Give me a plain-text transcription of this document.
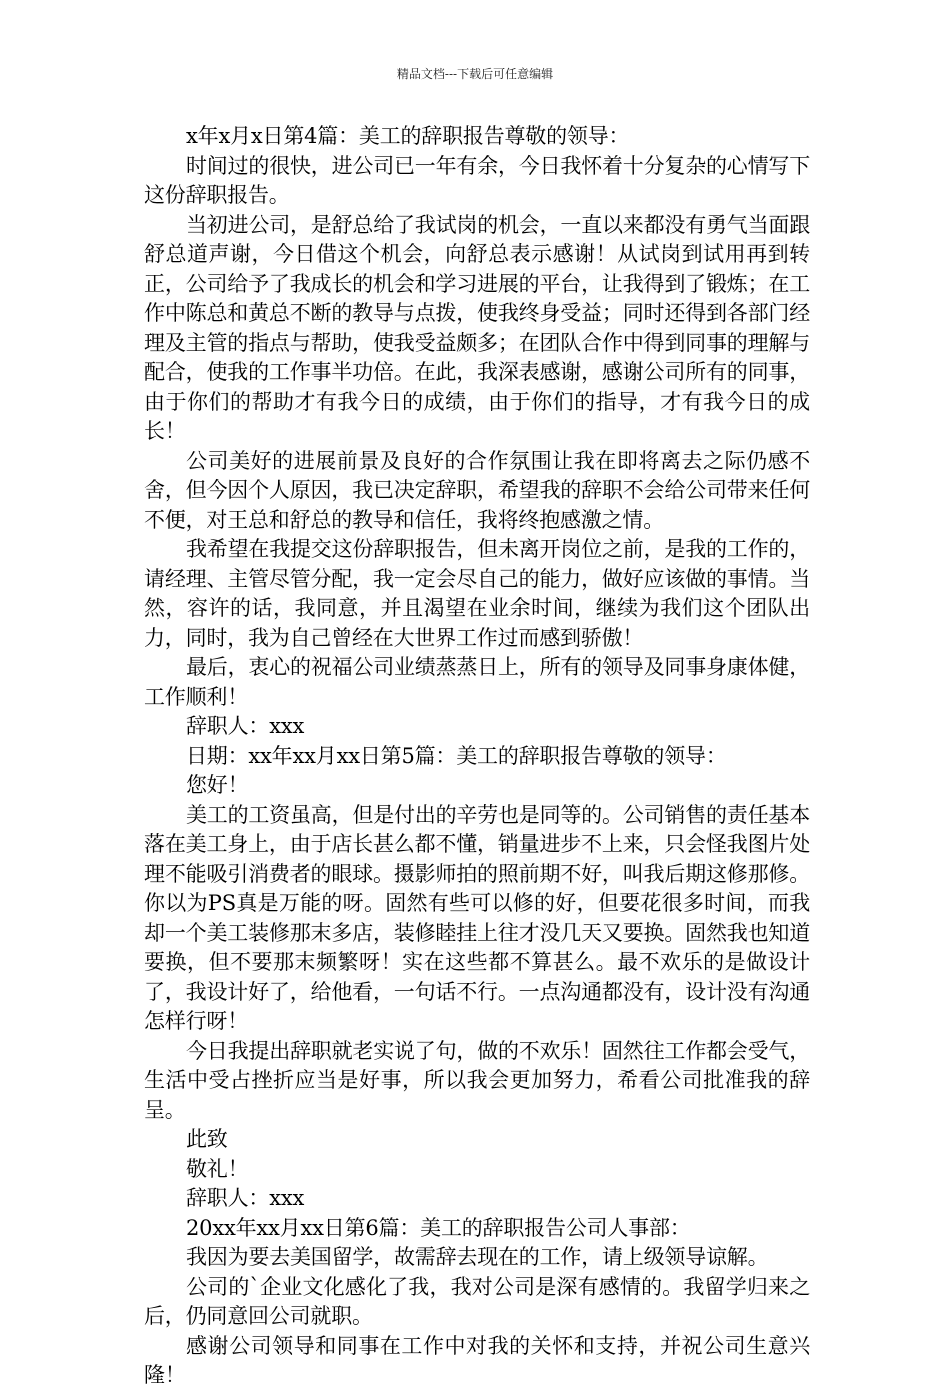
精品文档---下载后可任意编辑

x年x月x日第4篇：美工的辞职报告尊敬的领导：

时间过的很快，进公司已一年有余，今日我怀着十分复杂的心情写下这份辞职报告。

当初进公司，是舒总给了我试岗的机会，一直以来都没有勇气当面跟舒总道声谢，今日借这个机会，向舒总表示感谢！从试岗到试用再到转正，公司给予了我成长的机会和学习进展的平台，让我得到了锻炼；在工作中陈总和黄总不断的教导与点拨，使我终身受益；同时还得到各部门经理及主管的指点与帮助，使我受益颇多；在团队合作中得到同事的理解与配合，使我的工作事半功倍。在此，我深表感谢，感谢公司所有的同事，由于你们的帮助才有我今日的成绩，由于你们的指导，才有我今日的成长！

公司美好的进展前景及良好的合作氛围让我在即将离去之际仍感不舍，但今因个人原因，我已决定辞职，希望我的辞职不会给公司带来任何不便，对王总和舒总的教导和信任，我将终抱感激之情。

我希望在我提交这份辞职报告，但未离开岗位之前，是我的工作的，请经理、主管尽管分配，我一定会尽自己的能力，做好应该做的事情。当然，容许的话，我同意，并且渴望在业余时间，继续为我们这个团队出力，同时，我为自己曾经在大世界工作过而感到骄傲！

最后，衷心的祝福公司业绩蒸蒸日上，所有的领导及同事身康体健，工作顺利！

辞职人：xxx

日期：xx年xx月xx日第5篇：美工的辞职报告尊敬的领导：

您好！

美工的工资虽高，但是付出的辛劳也是同等的。公司销售的责任基本落在美工身上，由于店长甚么都不懂，销量进步不上来，只会怪我图片处理不能吸引消费者的眼球。摄影师拍的照前期不好，叫我后期这修那修。你以为PS真是万能的呀。固然有些可以修的好，但要花很多时间，而我却一个美工装修那末多店，装修睦挂上往才没几天又要换。固然我也知道要换，但不要那末频繁呀！实在这些都不算甚么。最不欢乐的是做设计了，我设计好了，给他看，一句话不行。一点沟通都没有，设计没有沟通怎样行呀！

今日我提出辞职就老实说了句，做的不欢乐！固然往工作都会受气，生活中受占挫折应当是好事，所以我会更加努力，希看公司批准我的辞呈。

此致

敬礼！

辞职人：xxx

20xx年xx月xx日第6篇：美工的辞职报告公司人事部：

我因为要去美国留学，故需辞去现在的工作，请上级领导谅解。

公司的`企业文化感化了我，我对公司是深有感情的。我留学归来之后，仍同意回公司就职。

感谢公司领导和同事在工作中对我的关怀和支持，并祝公司生意兴隆！
